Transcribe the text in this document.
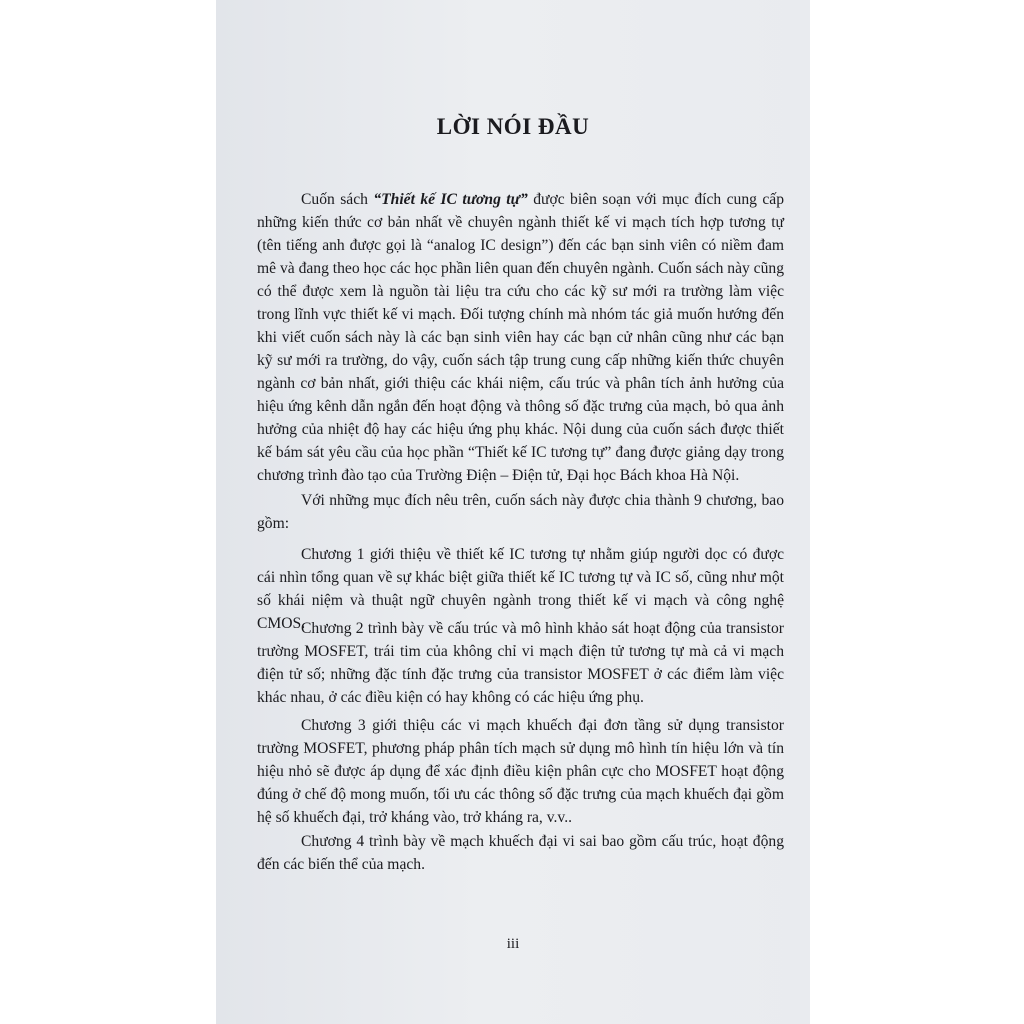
LỜI NÓI ĐẦU

Cuốn sách “Thiết kế IC tương tự” được biên soạn với mục đích cung cấp những kiến thức cơ bản nhất về chuyên ngành thiết kế vi mạch tích hợp tương tự (tên tiếng anh được gọi là “analog IC design”) đến các bạn sinh viên có niềm đam mê và đang theo học các học phần liên quan đến chuyên ngành. Cuốn sách này cũng có thể được xem là nguồn tài liệu tra cứu cho các kỹ sư mới ra trường làm việc trong lĩnh vực thiết kế vi mạch. Đối tượng chính mà nhóm tác giả muốn hướng đến khi viết cuốn sách này là các bạn sinh viên hay các bạn cử nhân cũng như các bạn kỹ sư mới ra trường, do vậy, cuốn sách tập trung cung cấp những kiến thức chuyên ngành cơ bản nhất, giới thiệu các khái niệm, cấu trúc và phân tích ảnh hưởng của hiệu ứng kênh dẫn ngắn đến hoạt động và thông số đặc trưng của mạch, bỏ qua ảnh hưởng của nhiệt độ hay các hiệu ứng phụ khác. Nội dung của cuốn sách được thiết kế bám sát yêu cầu của học phần “Thiết kế IC tương tự” đang được giảng dạy trong chương trình đào tạo của Trường Điện – Điện tử, Đại học Bách khoa Hà Nội.

Với những mục đích nêu trên, cuốn sách này được chia thành 9 chương, bao gồm:

Chương 1 giới thiệu về thiết kế IC tương tự nhằm giúp người dọc có được cái nhìn tổng quan về sự khác biệt giữa thiết kế IC tương tự và IC số, cũng như một số khái niệm và thuật ngữ chuyên ngành trong thiết kế vi mạch và công nghệ CMOS.

Chương 2 trình bày về cấu trúc và mô hình khảo sát hoạt động của transistor trường MOSFET, trái tim của không chỉ vi mạch điện tử tương tự mà cả vi mạch điện tử số; những đặc tính đặc trưng của transistor MOSFET ở các điểm làm việc khác nhau, ở các điều kiện có hay không có các hiệu ứng phụ.

Chương 3 giới thiệu các vi mạch khuếch đại đơn tầng sử dụng transistor trường MOSFET, phương pháp phân tích mạch sử dụng mô hình tín hiệu lớn và tín hiệu nhỏ sẽ được áp dụng để xác định điều kiện phân cực cho MOSFET hoạt động đúng ở chế độ mong muốn, tối ưu các thông số đặc trưng của mạch khuếch đại gồm hệ số khuếch đại, trở kháng vào, trở kháng ra, v.v..

Chương 4 trình bày về mạch khuếch đại vi sai bao gồm cấu trúc, hoạt động đến các biến thể của mạch.

iii
